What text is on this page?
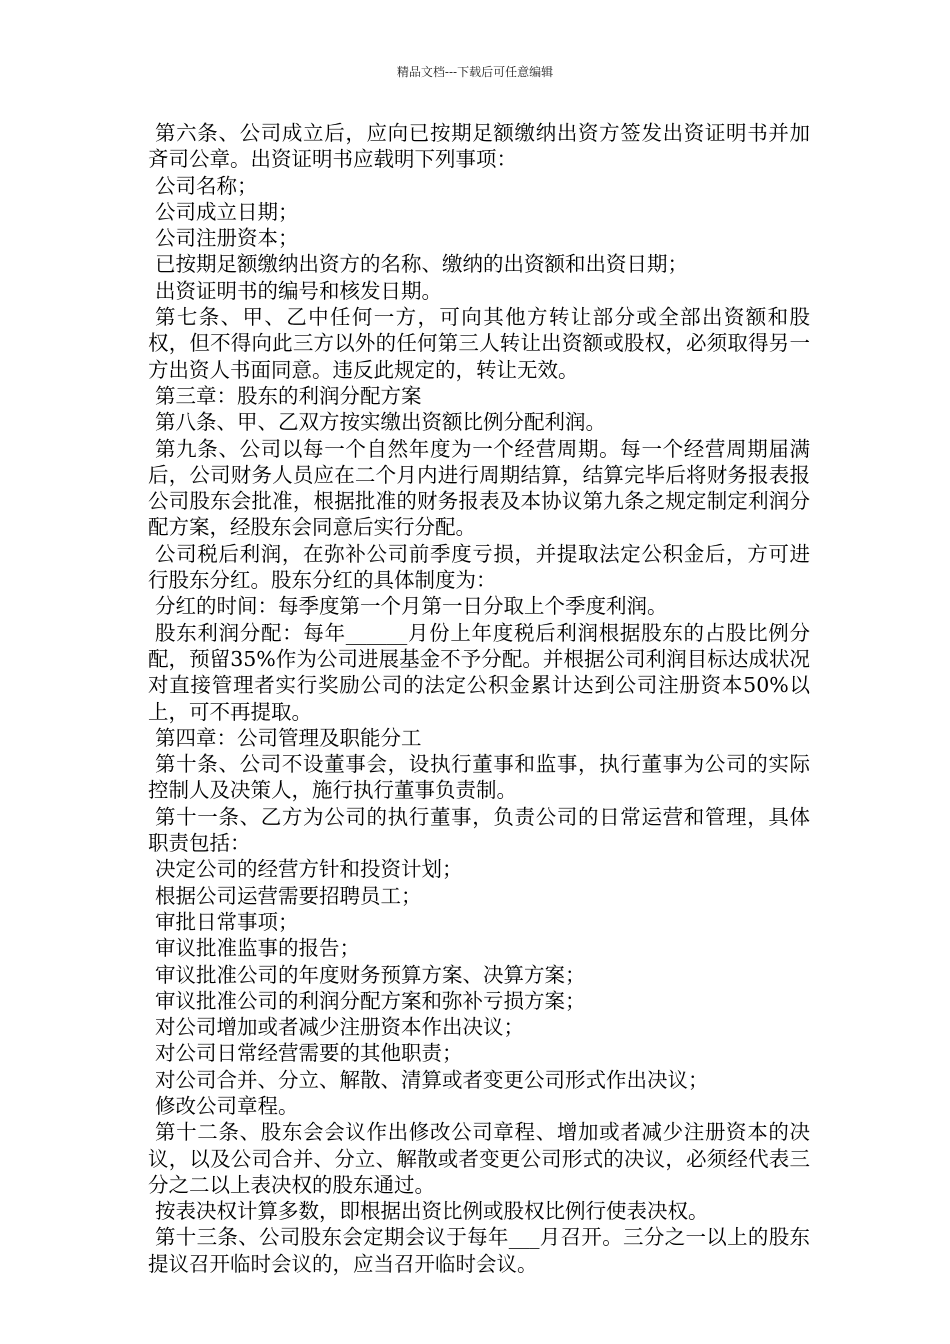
精品文档---下载后可任意编辑

第六条、公司成立后，应向已按期足额缴纳出资方签发出资证明书并加斉司公章。出资证明书应载明下列事项：

公司名称；

公司成立日期；

公司注册资本；

已按期足额缴纳出资方的名称、缴纳的出资额和出资日期；

出资证明书的编号和核发日期。

第七条、甲、乙中任何一方，可向其他方转让部分或全部出资额和股权，但不得向此三方以外的任何第三人转让出资额或股权，必须取得另一方出资人书面同意。违反此规定的，转让无效。

第三章：股东的利润分配方案

第八条、甲、乙双方按实缴出资额比例分配利润。

第九条、公司以每一个自然年度为一个经营周期。每一个经营周期届满后，公司财务人员应在二个月内进行周期结算，结算完毕后将财务报表报公司股东会批准，根据批准的财务报表及本协议第九条之规定制定利润分配方案，经股东会同意后实行分配。

公司税后利润，在弥补公司前季度亏损，并提取法定公积金后，方可进行股东分红。股东分红的具体制度为：

分红的时间：每季度第一个月第一日分取上个季度利润。

股东利润分配：每年______月份上年度税后利润根据股东的占股比例分配，预留35%作为公司进展基金不予分配。并根据公司利润目标达成状况对直接管理者实行奖励公司的法定公积金累计达到公司注册资本50%以上，可不再提取。

第四章：公司管理及职能分工

第十条、公司不设董事会，设执行董事和监事，执行董事为公司的实际控制人及决策人，施行执行董事负责制。

第十一条、乙方为公司的执行董事，负责公司的日常运营和管理，具体职责包括：

决定公司的经营方针和投资计划；

根据公司运营需要招聘员工；

审批日常事项；

审议批准监事的报告；

审议批准公司的年度财务预算方案、决算方案；

审议批准公司的利润分配方案和弥补亏损方案；

对公司增加或者减少注册资本作出决议；

对公司日常经营需要的其他职责；

对公司合并、分立、解散、清算或者变更公司形式作出决议；

修改公司章程。

第十二条、股东会会议作出修改公司章程、增加或者减少注册资本的决议，以及公司合并、分立、解散或者变更公司形式的决议，必须经代表三分之二以上表决权的股东通过。

按表决权计算多数，即根据出资比例或股权比例行使表决权。

第十三条、公司股东会定期会议于每年___月召开。三分之一以上的股东提议召开临时会议的，应当召开临时会议。
